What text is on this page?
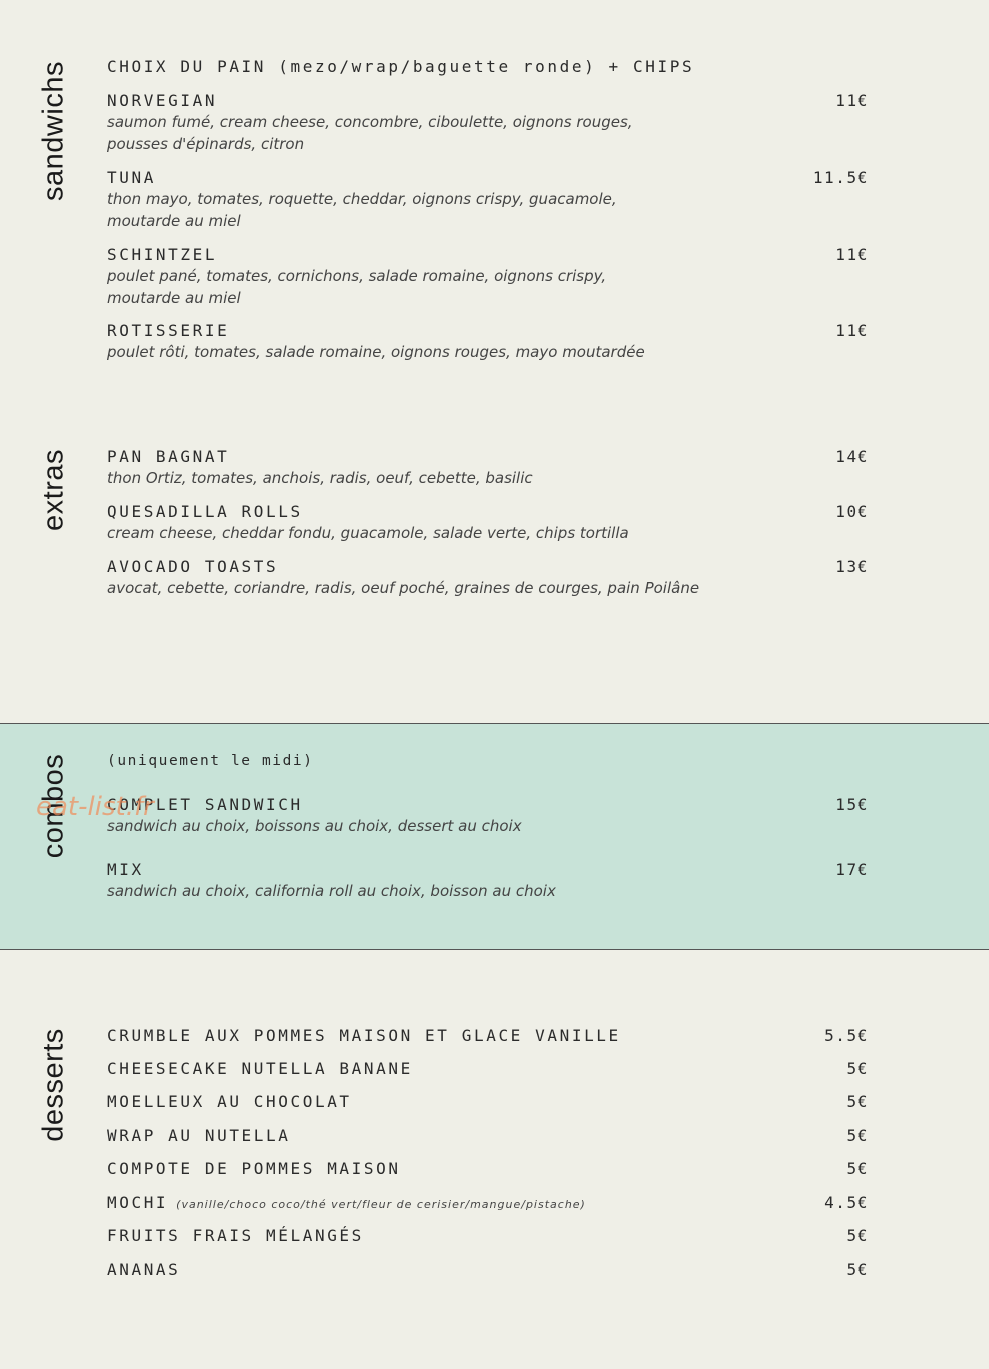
sandwichs
extras
combos
desserts
CHOIX DU PAIN (mezo/wrap/baguette ronde) + CHIPS
NORVEGIAN	11€
saumon fumé, cream cheese, concombre, ciboulette, oignons rouges, pousses d'épinards, citron
TUNA	11.5€
thon mayo, tomates, roquette, cheddar, oignons crispy, guacamole, moutarde au miel
SCHINTZEL	11€
poulet pané, tomates, cornichons, salade romaine, oignons crispy, moutarde au miel
ROTISSERIE	11€
poulet rôti, tomates, salade romaine, oignons rouges, mayo moutardée
PAN BAGNAT	14€
thon Ortiz, tomates, anchois, radis, oeuf, cebette, basilic
QUESADILLA ROLLS	10€
cream cheese, cheddar fondu, guacamole, salade verte, chips tortilla
AVOCADO TOASTS	13€
avocat, cebette, coriandre, radis, oeuf poché, graines de courges, pain Poilâne
(uniquement le midi)
COMPLET SANDWICH	15€
sandwich au choix, boissons au choix, dessert au choix
MIX	17€
sandwich au choix, california roll au choix, boisson au choix
eat-list.fr
CRUMBLE AUX POMMES MAISON ET GLACE VANILLE	5.5€
CHEESECAKE NUTELLA BANANE	5€
MOELLEUX AU CHOCOLAT	5€
WRAP AU NUTELLA	5€
COMPOTE DE POMMES MAISON	5€
MOCHI (vanille/choco coco/thé vert/fleur de cerisier/mangue/pistache)	4.5€
FRUITS FRAIS MÉLANGÉS	5€
ANANAS	5€
